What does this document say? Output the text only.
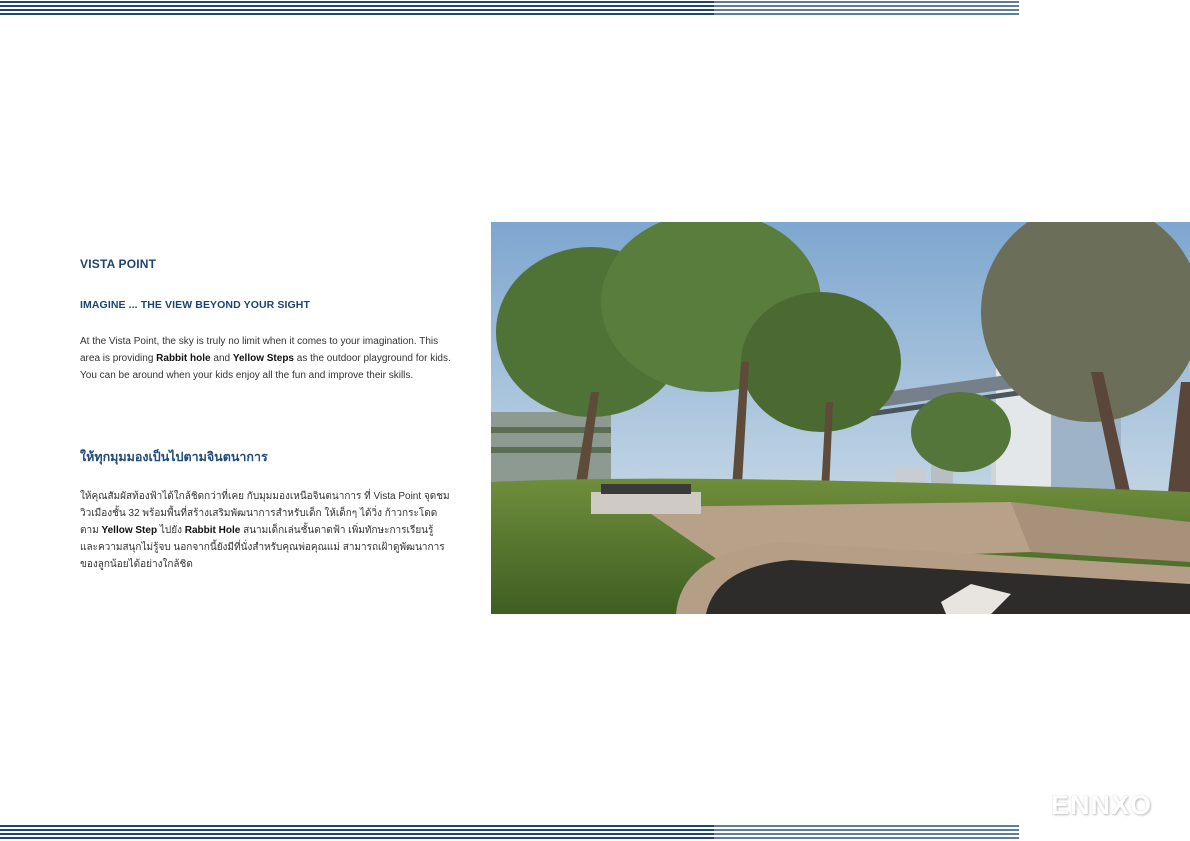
VISTA POINT
IMAGINE ... THE VIEW BEYOND YOUR SIGHT

At the Vista Point, the sky is truly no limit when it comes to your imagination. This area is providing Rabbit hole and Yellow Steps as the outdoor playground for kids. You can be around when your kids enjoy all the fun and improve their skills.

ให้ทุกมุมมองเป็นไปตามจินตนาการ

ให้คุณสัมผัสท้องฟ้าได้ใกล้ชิดกว่าที่เคย กับมุมมองเหนือจินตนาการ ที่ Vista Point จุดชมวิวเมืองชั้น 32 พร้อมพื้นที่สร้างเสริมพัฒนาการสำหรับเด็ก ให้เด็กๆ ได้วิ่ง ก้าวกระโดดตาม Yellow Step ไปยัง Rabbit Hole สนามเด็กเล่นชั้นดาดฟ้า เพิ่มทักษะการเรียนรู้ และความสนุกไม่รู้จบ นอกจากนี้ยังมีที่นั่งสำหรับคุณพ่อคุณแม่ สามารถเฝ้าดูพัฒนาการของลูกน้อยได้อย่างใกล้ชิด

ENNXO
